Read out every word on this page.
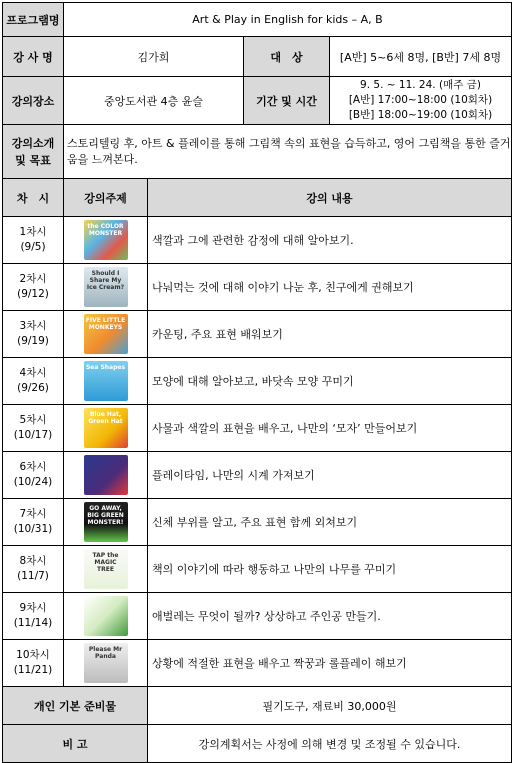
프로그램명	Art & Play in English for kids – A, B			
강 사 명	김가희		대　상	[A반] 5~6세 8명, [B반] 7세 8명
강의장소	중앙도서관 4층 윤슬		기간 및 시간	9. 5. ~ 11. 24. (매주 금)
[A반] 17:00~18:00 (10회차)
[B반] 18:00~19:00 (10회차)

강의소개
및 목표	스토리텔링 후, 아트 & 플레이를 통해 그림책 속의 표현을 습득하고, 영어 그림책을 통한 즐거움을 느껴본다.			
차　시	강의주제	강의 내용		

1차시
(9/5)	the COLOR MONSTER	색깔과 그에 관련한 감정에 대해 알아보기.		

2차시
(9/12)	Should I Share My Ice Cream?	나눠먹는 것에 대해 이야기 나눈 후, 친구에게 권해보기		

3차시
(9/19)	FIVE LITTLE MONKEYS	카운팅, 주요 표현 배워보기		

4차시
(9/26)	Sea Shapes	모양에 대해 알아보고, 바닷속 모양 꾸미기		

5차시
(10/17)	Blue Hat, Green Hat	사물과 색깔의 표현을 배우고, 나만의 ‘모자’ 만들어보기		

6차시
(10/24)		플레이타임, 나만의 시계 가져보기		

7차시
(10/31)	GO AWAY, BIG GREEN MONSTER!	신체 부위를 알고, 주요 표현 함께 외쳐보기		

8차시
(11/7)	TAP the MAGIC TREE	책의 이야기에 따라 행동하고 나만의 나무를 꾸미기		

9차시
(11/14)		애벌레는 무엇이 될까? 상상하고 주인공 만들기.		

10차시
(11/21)	Please Mr Panda	상황에 적절한 표현을 배우고 짝꿍과 롤플레이 해보기		
개인 기본 준비물		필기도구, 재료비 30,000원		
비 고		강의계획서는 사정에 의해 변경 및 조정될 수 있습니다.		
